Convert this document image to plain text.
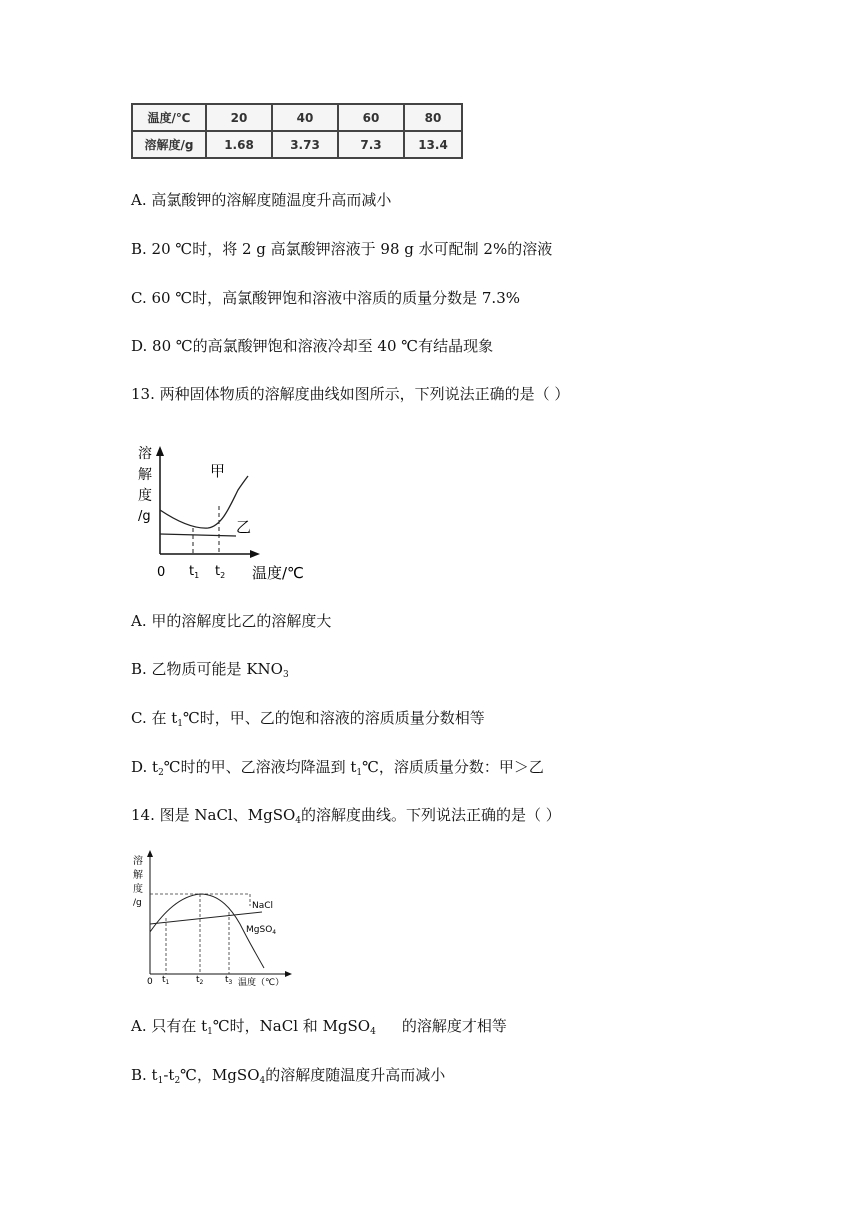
温度/℃	20	40	60	80
溶解度/g	1.68	3.73	7.3	13.4
A. 高氯酸钾的溶解度随温度升高而减小
B. 20 ℃时，将 2 g 高氯酸钾溶液于 98 g 水可配制 2%的溶液
C. 60 ℃时，高氯酸钾饱和溶液中溶质的质量分数是 7.3%
D. 80 ℃的高氯酸钾饱和溶液冷却至 40 ℃有结晶现象
13. 两种固体物质的溶解度曲线如图所示，下列说法正确的是（ ）
溶
解
度
/g
甲
乙
0 $t_1$ $t_2$ 温度/℃
A. 甲的溶解度比乙的溶解度大
B. 乙物质可能是 $KNO_3$
C. 在 $t_1℃$时，甲、乙的饱和溶液的溶质质量分数相等
D. $t_2℃$时的甲、乙溶液均降温到 $t_1℃$，溶质质量分数：甲＞乙
14. 图是 NaCl、MgSO$_4$的溶解度曲线。下列说法正确的是（ ）
溶
解
度
/g	NaCl
MgSO$_4$
0 $t_1$	$t_2$ $t_3$ 温度（℃）
A. 只有在 $t_1℃$时，NaCl 和 MgSO$_4$ 的溶解度才相等
B. $t_1-t_2℃$，MgSO$_4$的溶解度随温度升高而减小
